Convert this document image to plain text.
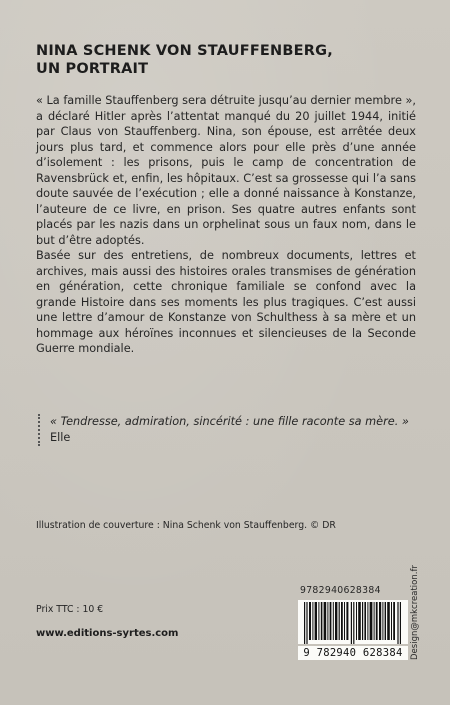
NINA SCHENK VON STAUFFENBERG,
UN PORTRAIT

« La famille Stauffenberg sera détruite jusqu’au dernier membre », a déclaré Hitler après l’attentat manqué du 20 juillet 1944, initié par Claus von Stauffenberg. Nina, son épouse, est arrêtée deux jours plus tard, et commence alors pour elle près d’une année d’isolement : les prisons, puis le camp de concentration de Ravensbrück et, enfin, les hôpitaux. C’est sa grossesse qui l’a sans doute sauvée de l’exécution ; elle a donné naissance à Konstanze, l’auteure de ce livre, en prison. Ses quatre autres enfants sont placés par les nazis dans un orphelinat sous un faux nom, dans le but d’être adoptés.

Basée sur des entretiens, de nombreux documents, lettres et archives, mais aussi des histoires orales transmises de génération en génération, cette chronique familiale se confond avec la grande Histoire dans ses moments les plus tragiques. C’est aussi une lettre d’amour de Konstanze von Schulthess à sa mère et un hommage aux héroïnes inconnues et silencieuses de la Seconde Guerre mondiale.

« Tendresse, admiration, sincérité : une fille raconte sa mère. » Elle
Illustration de couverture : Nina Schenk von Stauffenberg. © DR
9782940628384
9 782940 628384
Prix TTC : 10 €
www.editions-syrtes.com	Design@mkcreation.fr
